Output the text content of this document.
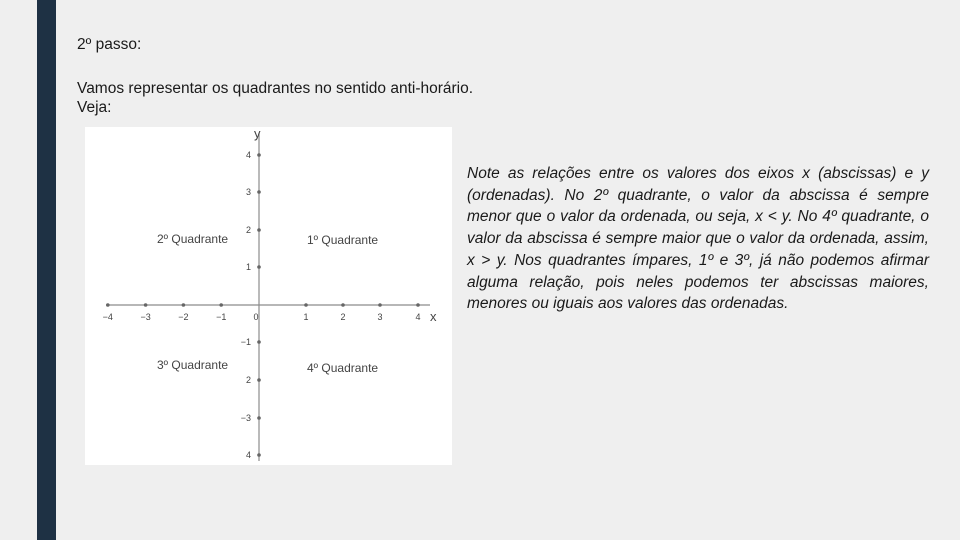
2º passo:
Vamos representar os quadrantes no sentido anti-horário.
Veja:
−4	−3	−2	−1	0	1	2	3	4
4
3
2
1
−1
2
−3
4
x
y
1º Quadrante
2º Quadrante
3º Quadrante	4º Quadrante

Note as relações entre os valores dos eixos x (abscissas) e y (ordenadas). No 2º quadrante, o valor da abscissa é sempre menor que o valor da ordenada, ou seja, x < y. No 4º quadrante, o valor da abscissa é sempre maior que o valor da ordenada, assim, x > y. Nos quadrantes ímpares, 1º e 3º, já não podemos afirmar alguma relação, pois neles podemos ter abscissas maiores, menores ou iguais aos valores das ordenadas.
